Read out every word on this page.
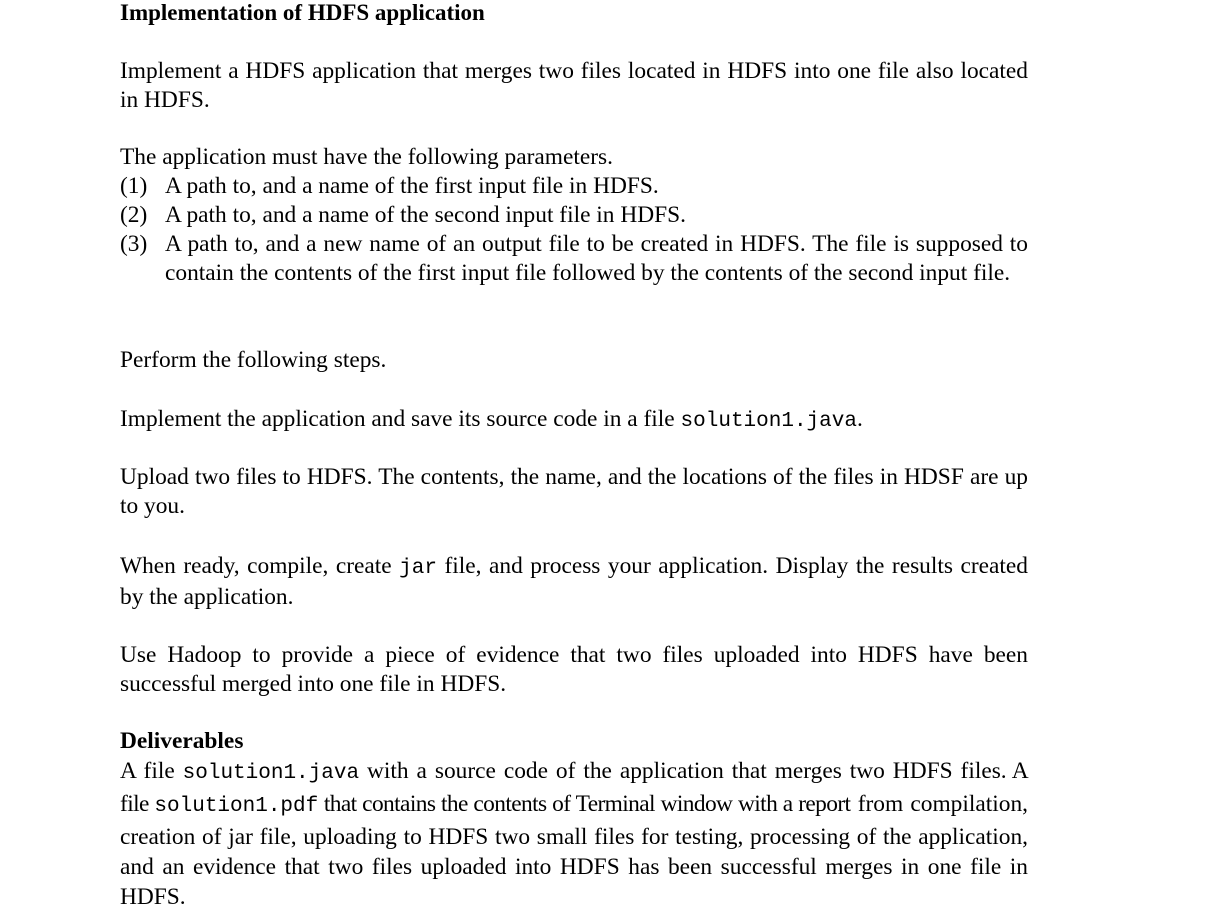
Implementation of HDFS application

Implement a HDFS application that merges two files located in HDFS into one file also located in HDFS.

The application must have the following parameters.

(1) A path to, and a name of the first input file in HDFS.
(2) A path to, and a name of the second input file in HDFS.
(3) A path to, and a new name of an output file to be created in HDFS. The file is supposed to contain the contents of the first input file followed by the contents of the second input file.

Perform the following steps.

Implement the application and save its source code in a file solution1.java.

Upload two files to HDFS. The contents, the name, and the locations of the files in HDSF are up to you.

When ready, compile, create jar file, and process your application. Display the results created by the application.

Use Hadoop to provide a piece of evidence that two files uploaded into HDFS have been successful merged into one file in HDFS.

Deliverables

A file solution1.java with a source code of the application that merges two HDFS files. A file solution1.pdf that contains the contents of Terminal window with a report from compilation, creation of jar file, uploading to HDFS two small files for testing, processing of the application, and an evidence that two files uploaded into HDFS has been successful merges in one file in HDFS.
